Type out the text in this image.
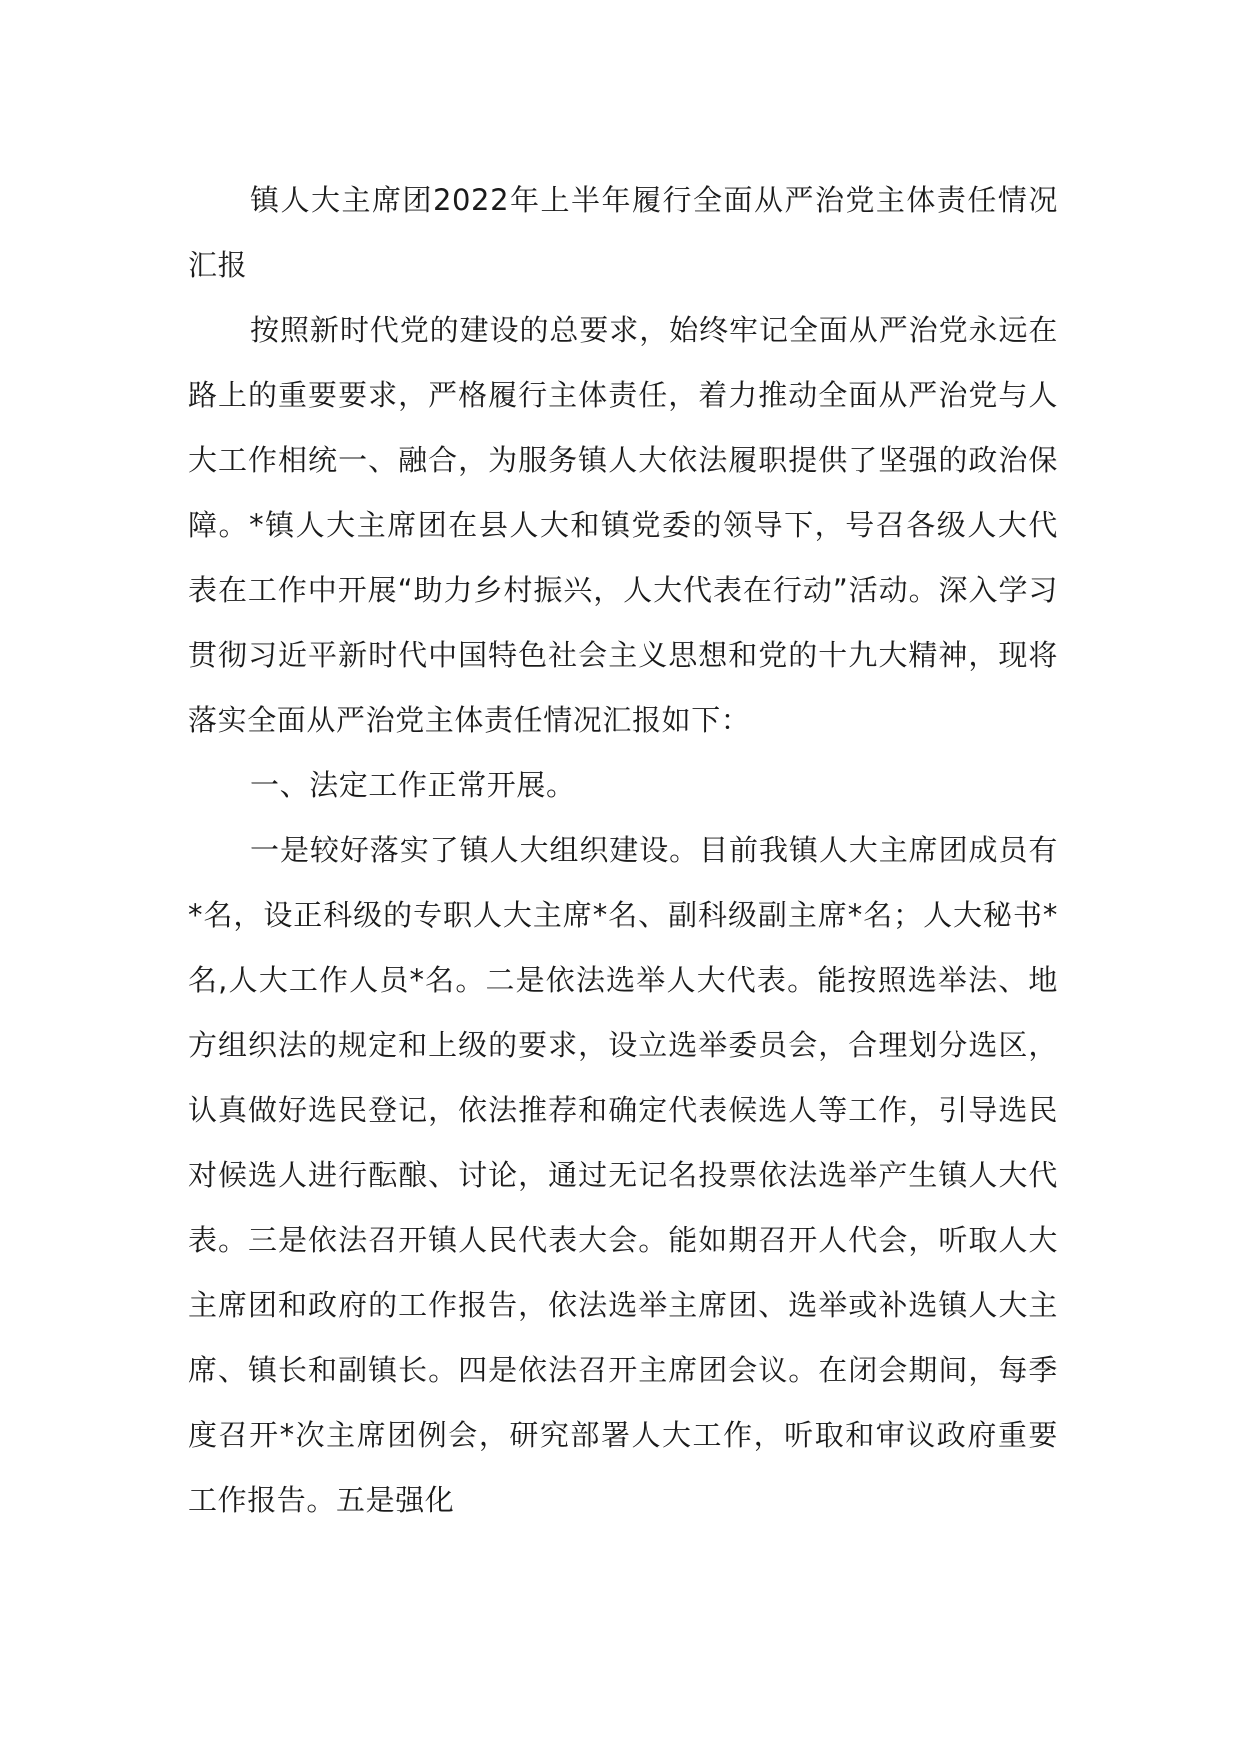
镇人大主席团2022年上半年履行全面从严治党主体责任情况汇报

按照新时代党的建设的总要求，始终牢记全面从严治党永远在路上的重要要求，严格履行主体责任，着力推动全面从严治党与人大工作相统一、融合，为服务镇人大依法履职提供了坚强的政治保障。*镇人大主席团在县人大和镇党委的领导下，号召各级人大代表在工作中开展“助力乡村振兴，人大代表在行动”活动。深入学习贯彻习近平新时代中国特色社会主义思想和党的十九大精神，现将落实全面从严治党主体责任情况汇报如下：

一、法定工作正常开展。

一是较好落实了镇人大组织建设。目前我镇人大主席团成员有*名，设正科级的专职人大主席*名、副科级副主席*名；人大秘书*名,人大工作人员*名。二是依法选举人大代表。能按照选举法、地方组织法的规定和上级的要求，设立选举委员会，合理划分选区，认真做好选民登记，依法推荐和确定代表候选人等工作，引导选民对候选人进行酝酿、讨论，通过无记名投票依法选举产生镇人大代表。三是依法召开镇人民代表大会。能如期召开人代会，听取人大主席团和政府的工作报告，依法选举主席团、选举或补选镇人大主席、镇长和副镇长。四是依法召开主席团会议。在闭会期间，每季度召开*次主席团例会，研究部署人大工作，听取和审议政府重要工作报告。五是强化
